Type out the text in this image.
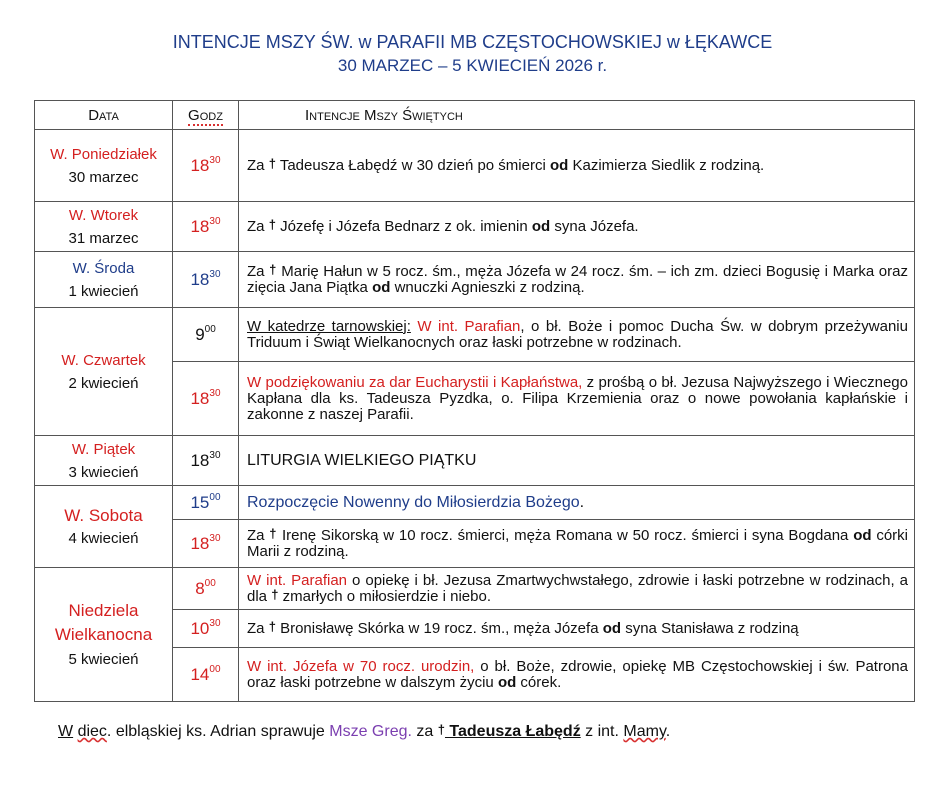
INTENCJE MSZY ŚW. w PARAFII MB CZĘSTOCHOWSKIEJ w ŁĘKAWCE
30 MARZEC – 5 KWIECIEŃ 2026 r.
Data	Godz	Intencje Mszy Świętych

W. Poniedziałek
30 marzec	$18^{30}$	Za † Tadeusza Łabędź w 30 dzień po śmierci od Kazimierza Siedlik z rodziną.

W. Wtorek
31 marzec	$18^{30}$	Za † Józefę i Józefa Bednarz z ok. imienin od syna Józefa.

W. Środa
1 kwiecień	$18^{30}$	Za † Marię Hałun w 5 rocz. śm., męża Józefa w 24 rocz. śm. – ich zm. dzieci Bogusię i Marka oraz zięcia Jana Piątka od wnuczki Agnieszki z rodziną.

W. Czwartek
2 kwiecień	$9^{00}$	W katedrze tarnowskiej: W int. Parafian, o bł. Boże i pomoc Ducha Św. w dobrym przeżywaniu Triduum i Świąt Wielkanocnych oraz łaski potrzebne w rodzinach.
	$18^{30}$	W podziękowaniu za dar Eucharystii i Kapłaństwa, z prośbą o bł. Jezusa Najwyższego i Wiecznego Kapłana dla ks. Tadeusza Pyzdka, o. Filipa Krzemienia oraz o nowe powołania kapłańskie i zakonne z naszej Parafii.

W. Piątek
3 kwiecień	$18^{30}$	LITURGIA WIELKIEGO PIĄTKU

W. Sobota
4 kwiecień	$15^{00}$	Rozpoczęcie Nowenny do Miłosierdzia Bożego.
	$18^{30}$	Za † Irenę Sikorską w 10 rocz. śmierci, męża Romana w 50 rocz. śmierci i syna Bogdana od córki Marii z rodziną.

Niedziela Wielkanocna
5 kwiecień	$8^{00}$	W int. Parafian o opiekę i bł. Jezusa Zmartwychwstałego, zdrowie i łaski potrzebne w rodzinach, a dla † zmarłych o miłosierdzie i niebo.
	$10^{30}$	Za † Bronisławę Skórka w 19 rocz. śm., męża Józefa od syna Stanisława z rodziną
	$14^{00}$	W int. Józefa w 70 rocz. urodzin, o bł. Boże, zdrowie, opiekę MB Częstochowskiej i św. Patrona oraz łaski potrzebne w dalszym życiu od córek.
W diec. elbląskiej ks. Adrian sprawuje Msze Greg. za † Tadeusza Łabędź z int. Mamy.
